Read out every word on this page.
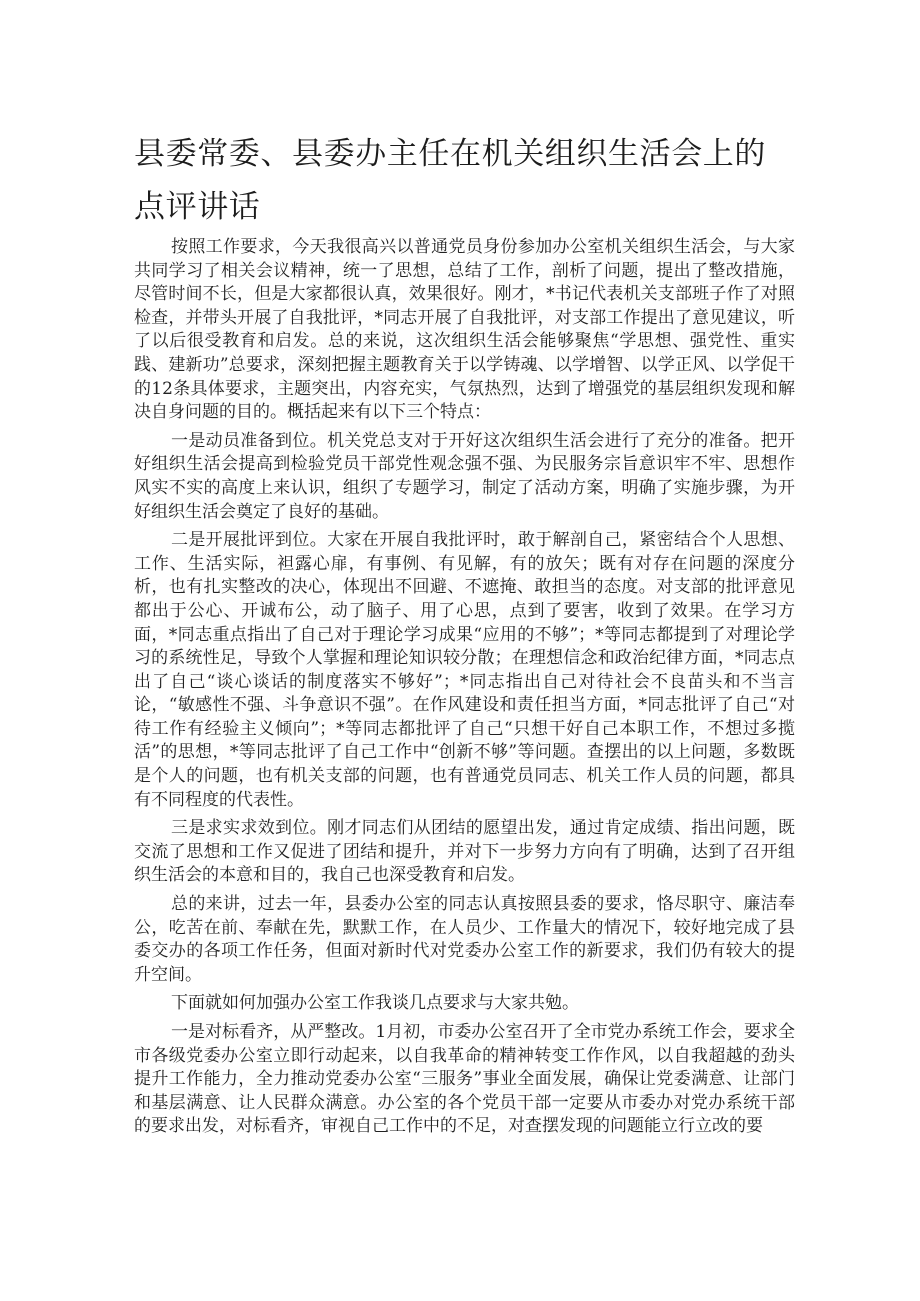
县委常委、县委办主任在机关组织生活会上的点评讲话

按照工作要求，今天我很高兴以普通党员身份参加办公室机关组织生活会，与大家共同学习了相关会议精神，统一了思想，总结了工作，剖析了问题，提出了整改措施，尽管时间不长，但是大家都很认真，效果很好。刚才，*书记代表机关支部班子作了对照检查，并带头开展了自我批评，*同志开展了自我批评，对支部工作提出了意见建议，听了以后很受教育和启发。总的来说，这次组织生活会能够聚焦“学思想、强党性、重实践、建新功”总要求，深刻把握主题教育关于以学铸魂、以学增智、以学正风、以学促干的12条具体要求，主题突出，内容充实，气氛热烈，达到了增强党的基层组织发现和解决自身问题的目的。概括起来有以下三个特点：

一是动员准备到位。机关党总支对于开好这次组织生活会进行了充分的准备。把开好组织生活会提高到检验党员干部党性观念强不强、为民服务宗旨意识牢不牢、思想作风实不实的高度上来认识，组织了专题学习，制定了活动方案，明确了实施步骤，为开好组织生活会奠定了良好的基础。

二是开展批评到位。大家在开展自我批评时，敢于解剖自己，紧密结合个人思想、工作、生活实际，袒露心扉，有事例、有见解，有的放矢；既有对存在问题的深度分析，也有扎实整改的决心，体现出不回避、不遮掩、敢担当的态度。对支部的批评意见都出于公心、开诚布公，动了脑子、用了心思，点到了要害，收到了效果。在学习方面，*同志重点指出了自己对于理论学习成果“应用的不够”；*等同志都提到了对理论学习的系统性足，导致个人掌握和理论知识较分散；在理想信念和政治纪律方面，*同志点出了自己“谈心谈话的制度落实不够好”；*同志指出自己对待社会不良苗头和不当言论，“敏感性不强、斗争意识不强”。在作风建设和责任担当方面，*同志批评了自己“对待工作有经验主义倾向”；*等同志都批评了自己“只想干好自己本职工作，不想过多揽活”的思想，*等同志批评了自己工作中“创新不够”等问题。查摆出的以上问题，多数既是个人的问题，也有机关支部的问题，也有普通党员同志、机关工作人员的问题，都具有不同程度的代表性。

三是求实求效到位。刚才同志们从团结的愿望出发，通过肯定成绩、指出问题，既交流了思想和工作又促进了团结和提升，并对下一步努力方向有了明确，达到了召开组织生活会的本意和目的，我自己也深受教育和启发。

总的来讲，过去一年，县委办公室的同志认真按照县委的要求，恪尽职守、廉洁奉公，吃苦在前、奉献在先，默默工作，在人员少、工作量大的情况下，较好地完成了县委交办的各项工作任务，但面对新时代对党委办公室工作的新要求，我们仍有较大的提升空间。

下面就如何加强办公室工作我谈几点要求与大家共勉。

一是对标看齐，从严整改。1月初，市委办公室召开了全市党办系统工作会，要求全市各级党委办公室立即行动起来，以自我革命的精神转变工作作风，以自我超越的劲头提升工作能力，全力推动党委办公室“三服务”事业全面发展，确保让党委满意、让部门和基层满意、让人民群众满意。办公室的各个党员干部一定要从市委办对党办系统干部的要求出发，对标看齐，审视自己工作中的不足，对查摆发现的问题能立行立改的要
